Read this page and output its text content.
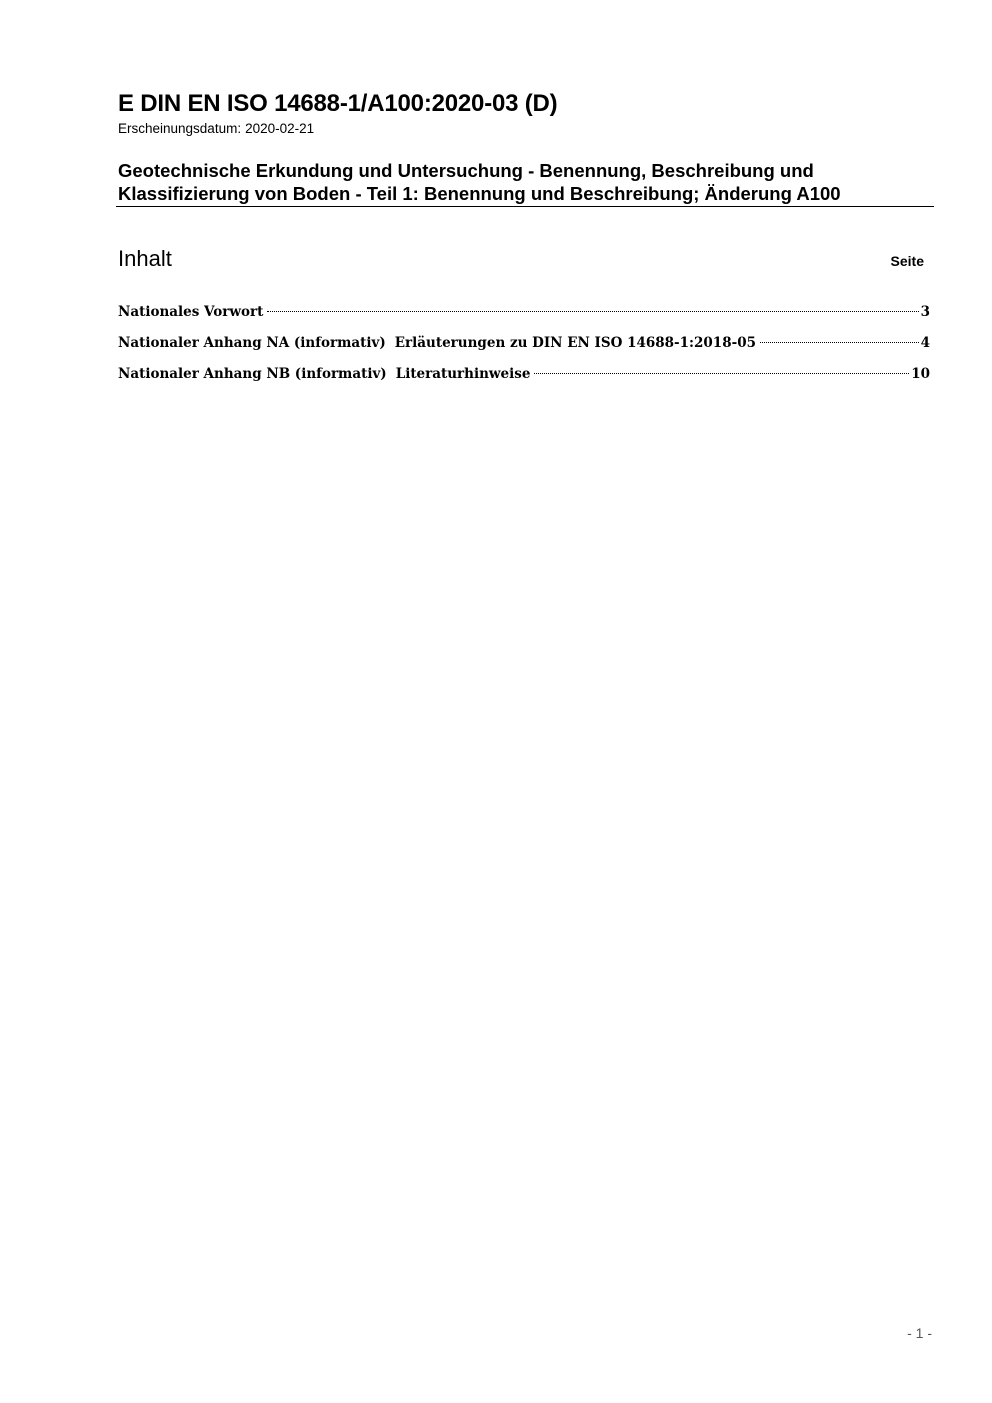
E DIN EN ISO 14688-1/A100:2020-03 (D)
Erscheinungsdatum: 2020-02-21
Geotechnische Erkundung und Untersuchung - Benennung, Beschreibung und Klassifizierung von Boden - Teil 1: Benennung und Beschreibung; Änderung A100
Inhalt	Seite
Nationales Vorwort	3
Nationaler Anhang NA (informativ) Erläuterungen zu DIN EN ISO 14688-1:2018-05	4
Nationaler Anhang NB (informativ) Literaturhinweise	10
- 1 -
